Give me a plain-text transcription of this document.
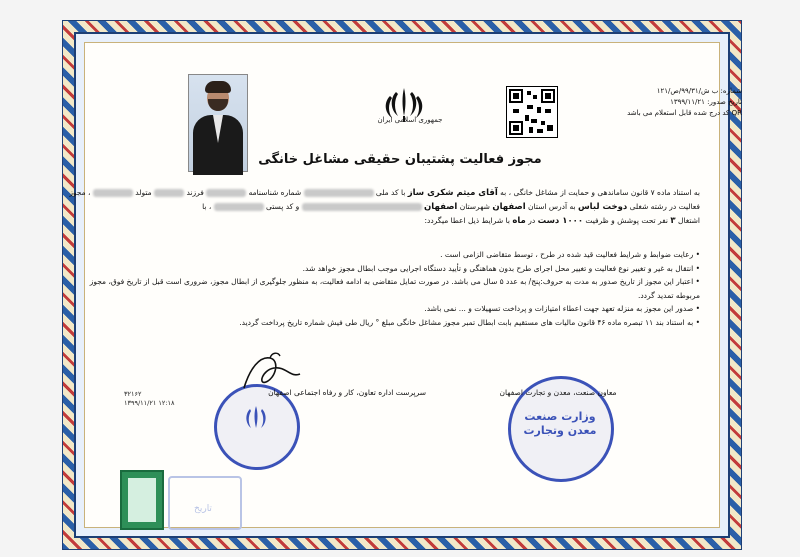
جمهوری اسلامی ایران
شماره: ب ش/۹۹/۳۱/ص/۱۲۱
تاریخ صدور: ۱۳۹۹/۱۱/۲۱
QR کد درج شده قابل استعلام می باشد
مجوز فعالیت پشتیبان حقیقی مشاغل خانگی
به استناد ماده ۷ قانون ساماندهی و حمایت از مشاغل خانگی ، به آقای میثم شکری ساز با کد ملی  شماره شناسنامه  فرزند  متولد  ، مجوز
فعالیت در رشته شغلی دوخت لباس به آدرس استان اصفهان شهرستان اصفهان  و کد پستی  ، با
اشتغال ۳ نفر تحت پوشش و ظرفیت ۱۰۰۰ دست در ماه با شرایط ذیل اعطا میگردد:
• رعایت ضوابط و شرایط فعالیت قید شده در طرح ، توسط متقاضی الزامی است .
• انتقال به غیر و تغییر نوع فعالیت و تغییر محل اجرای طرح بدون هماهنگی و تأیید دستگاه اجرایی موجب ابطال مجوز خواهد شد.
• اعتبار این مجوز از تاریخ صدور به مدت به حروف:پنج/ به عدد ۵ سال می باشد. در صورت تمایل متقاضی به ادامه فعالیت، به منظور جلوگیری از ابطال مجوز، ضروری است قبل از تاریخ فوق، مجوز
مربوطه تمدید گردد.
• صدور این مجوز به منزله تعهد جهت اعطاء امتیازات و پرداخت تسهیلات و ... نمی باشد.
• به استناد بند ۱۱ تبصره ماده ۴۶ قانون مالیات های مستقیم بابت ابطال تمبر مجوز مشاغل خانگی مبلغ ° ریال طی فیش شماره تاریخ پرداخت گردید.
سرپرست اداره تعاون، کار و رفاه اجتماعی اصفهان
۳۲۱۶۲
۱۳۹۹/۱۱/۲۱ ۱۲:۱۸
معاون صنعت، معدن و تجارت اصفهان
وزارت صنعت معدن وتجارت
تاریخ
